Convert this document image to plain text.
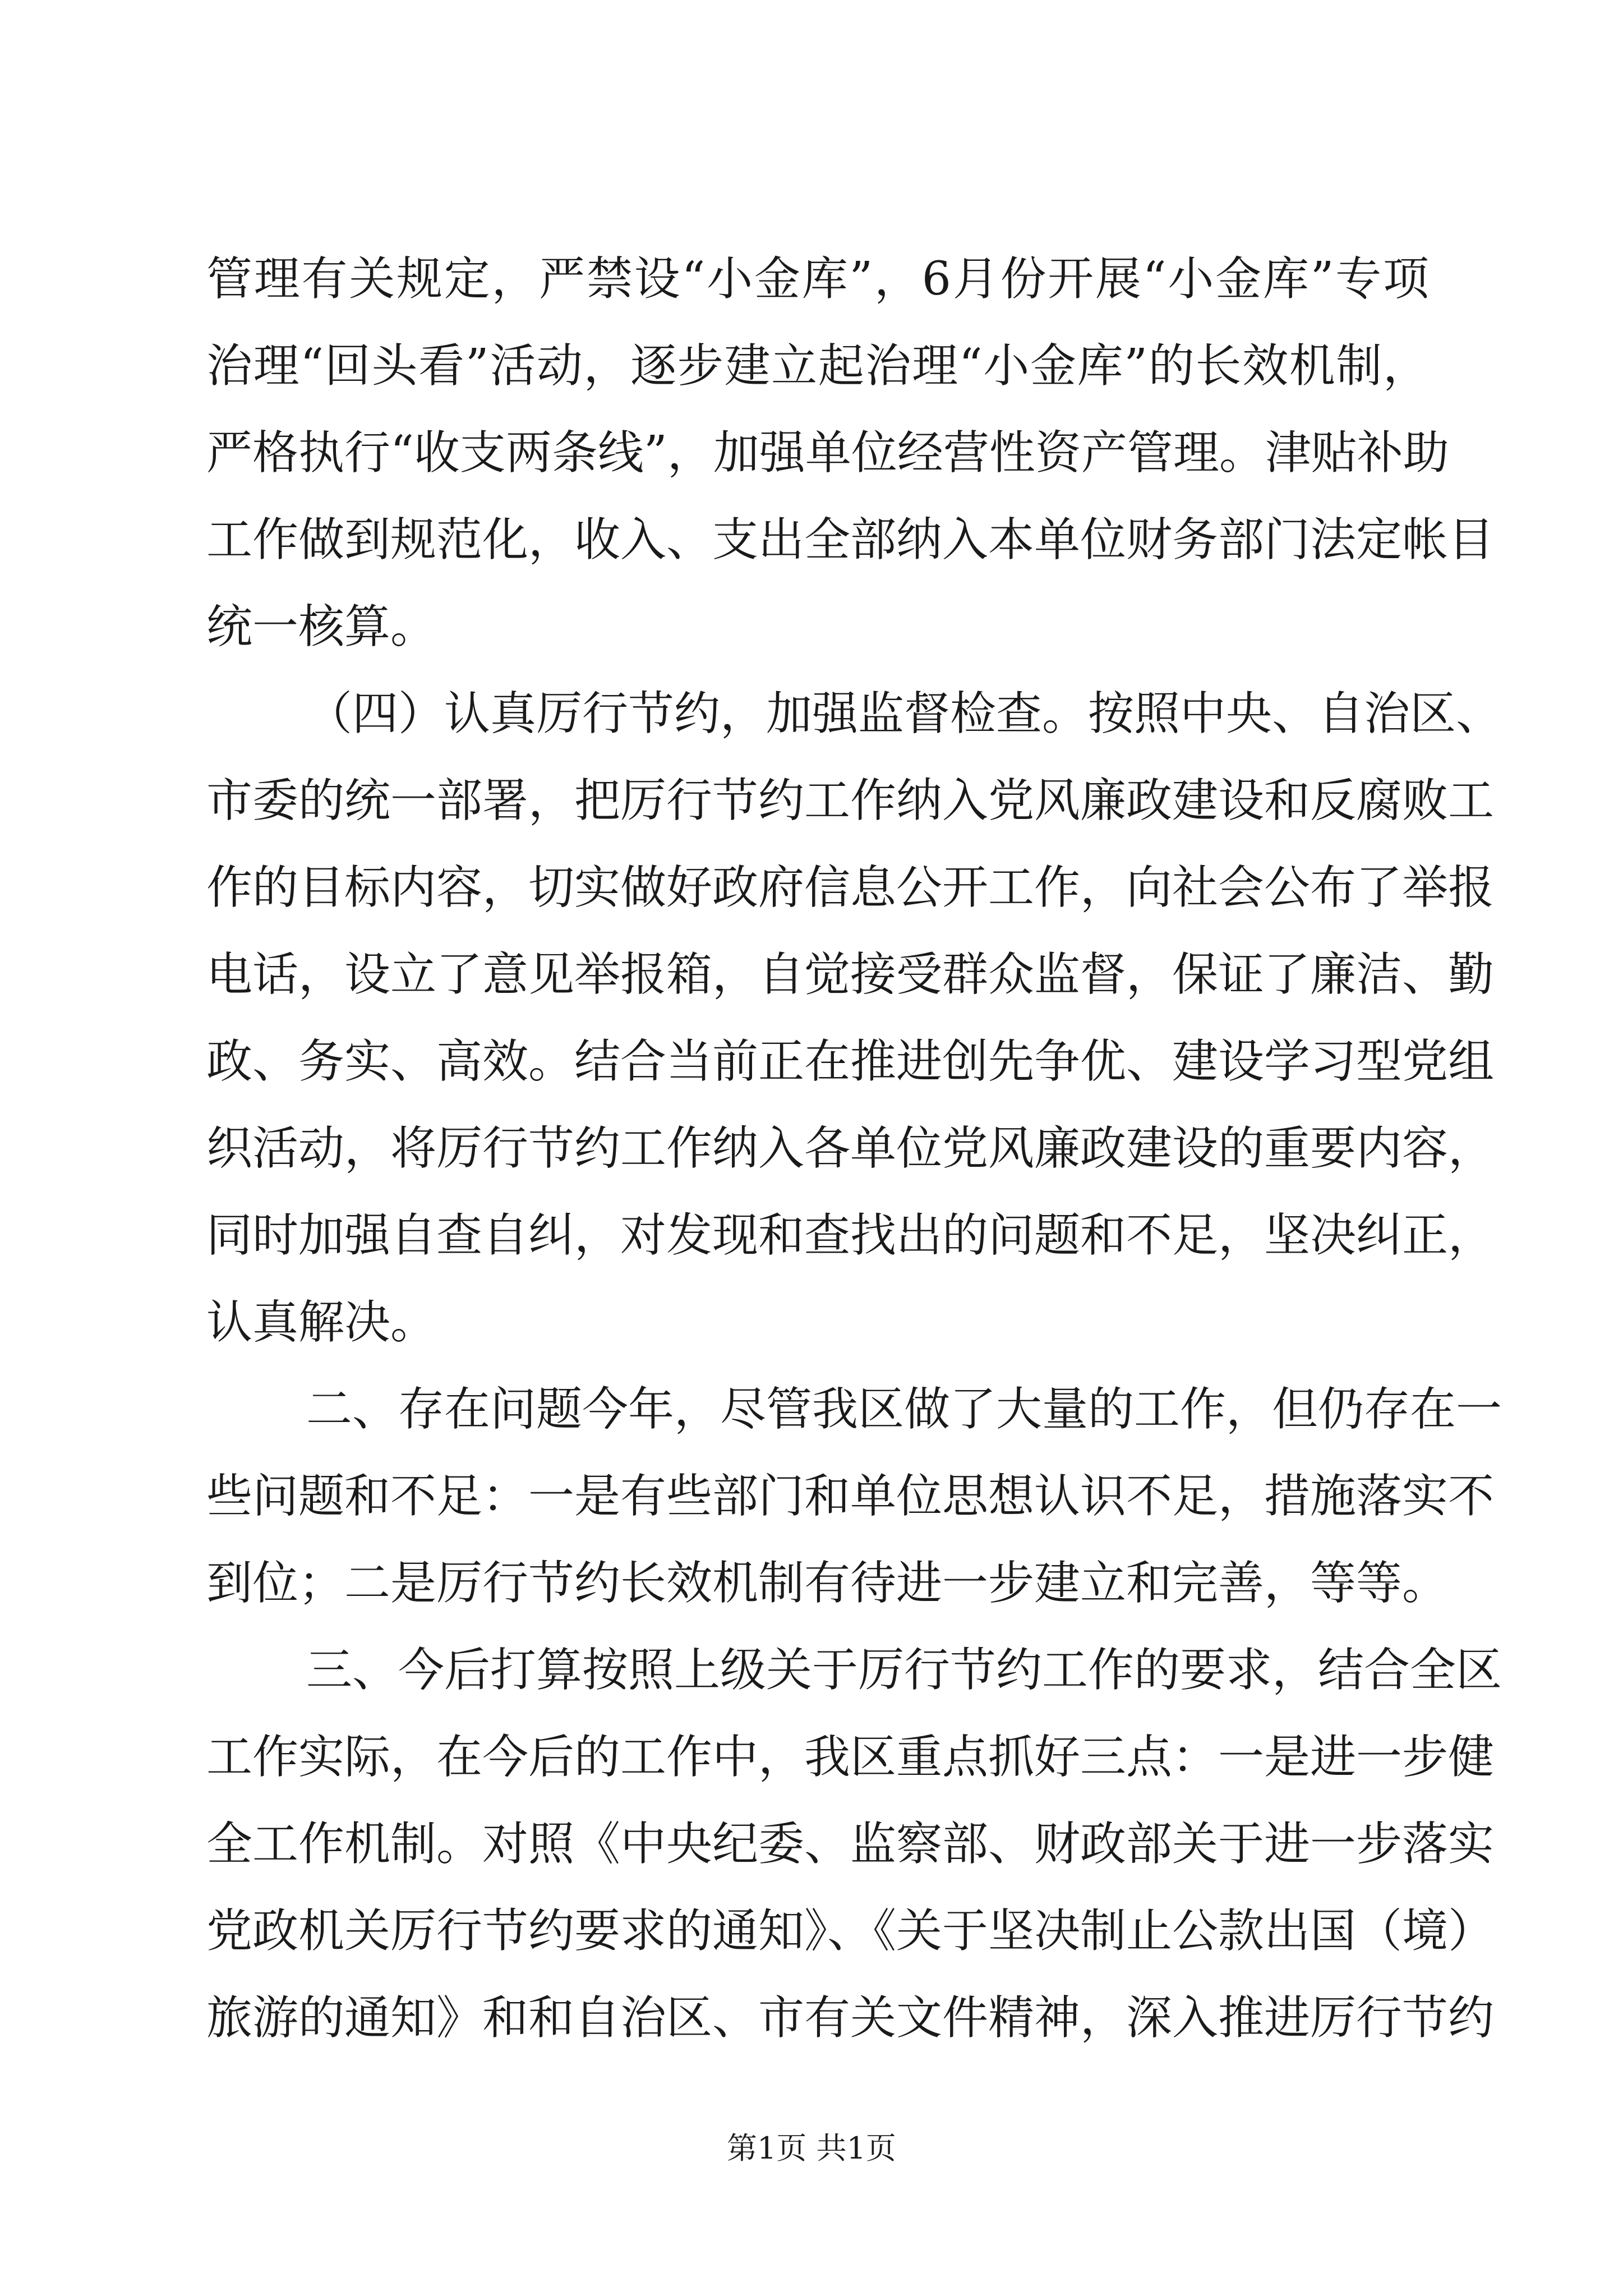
管理有关规定，严禁设“小金库”，6月份开展“小金库”专项
治理“回头看”活动，逐步建立起治理“小金库”的长效机制，
严格执行“收支两条线”，加强单位经营性资产管理。津贴补助
工作做到规范化，收入、支出全部纳入本单位财务部门法定帐目
统一核算。
（四）认真厉行节约，加强监督检查。按照中央、自治区、
市委的统一部署，把厉行节约工作纳入党风廉政建设和反腐败工
作的目标内容，切实做好政府信息公开工作，向社会公布了举报
电话，设立了意见举报箱，自觉接受群众监督，保证了廉洁、勤
政、务实、高效。结合当前正在推进创先争优、建设学习型党组
织活动，将厉行节约工作纳入各单位党风廉政建设的重要内容，
同时加强自查自纠，对发现和查找出的问题和不足，坚决纠正，
认真解决。
二、存在问题今年，尽管我区做了大量的工作，但仍存在一
些问题和不足：一是有些部门和单位思想认识不足，措施落实不
到位；二是厉行节约长效机制有待进一步建立和完善，等等。
三、今后打算按照上级关于厉行节约工作的要求，结合全区
工作实际，在今后的工作中，我区重点抓好三点：一是进一步健
全工作机制。对照《中央纪委、监察部、财政部关于进一步落实
党政机关厉行节约要求的通知》、《关于坚决制止公款出国（境）
旅游的通知》和和自治区、市有关文件精神，深入推进厉行节约
第1页 共1页
